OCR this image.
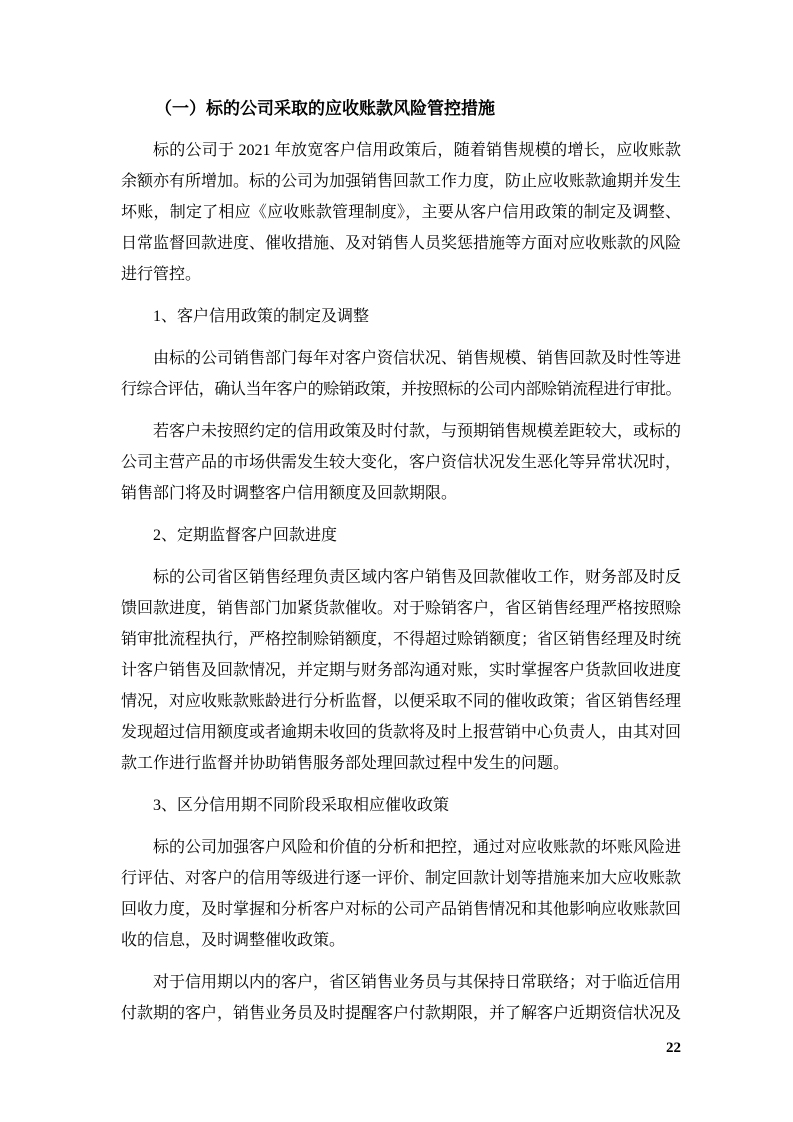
（一）标的公司采取的应收账款风险管控措施
标的公司于 2021 年放宽客户信用政策后，随着销售规模的增长，应收账款
余额亦有所增加。标的公司为加强销售回款工作力度，防止应收账款逾期并发生
坏账，制定了相应《应收账款管理制度》，主要从客户信用政策的制定及调整、
日常监督回款进度、催收措施、及对销售人员奖惩措施等方面对应收账款的风险
进行管控。
1、客户信用政策的制定及调整
由标的公司销售部门每年对客户资信状况、销售规模、销售回款及时性等进
行综合评估，确认当年客户的赊销政策，并按照标的公司内部赊销流程进行审批。
若客户未按照约定的信用政策及时付款，与预期销售规模差距较大，或标的
公司主营产品的市场供需发生较大变化，客户资信状况发生恶化等异常状况时，
销售部门将及时调整客户信用额度及回款期限。
2、定期监督客户回款进度
标的公司省区销售经理负责区域内客户销售及回款催收工作，财务部及时反
馈回款进度，销售部门加紧货款催收。对于赊销客户，省区销售经理严格按照赊
销审批流程执行，严格控制赊销额度，不得超过赊销额度；省区销售经理及时统
计客户销售及回款情况，并定期与财务部沟通对账，实时掌握客户货款回收进度
情况，对应收账款账龄进行分析监督，以便采取不同的催收政策；省区销售经理
发现超过信用额度或者逾期未收回的货款将及时上报营销中心负责人，由其对回
款工作进行监督并协助销售服务部处理回款过程中发生的问题。
3、区分信用期不同阶段采取相应催收政策
标的公司加强客户风险和价值的分析和把控，通过对应收账款的坏账风险进
行评估、对客户的信用等级进行逐一评价、制定回款计划等措施来加大应收账款
回收力度，及时掌握和分析客户对标的公司产品销售情况和其他影响应收账款回
收的信息，及时调整催收政策。
对于信用期以内的客户，省区销售业务员与其保持日常联络；对于临近信用
付款期的客户，销售业务员及时提醒客户付款期限，并了解客户近期资信状况及
22
